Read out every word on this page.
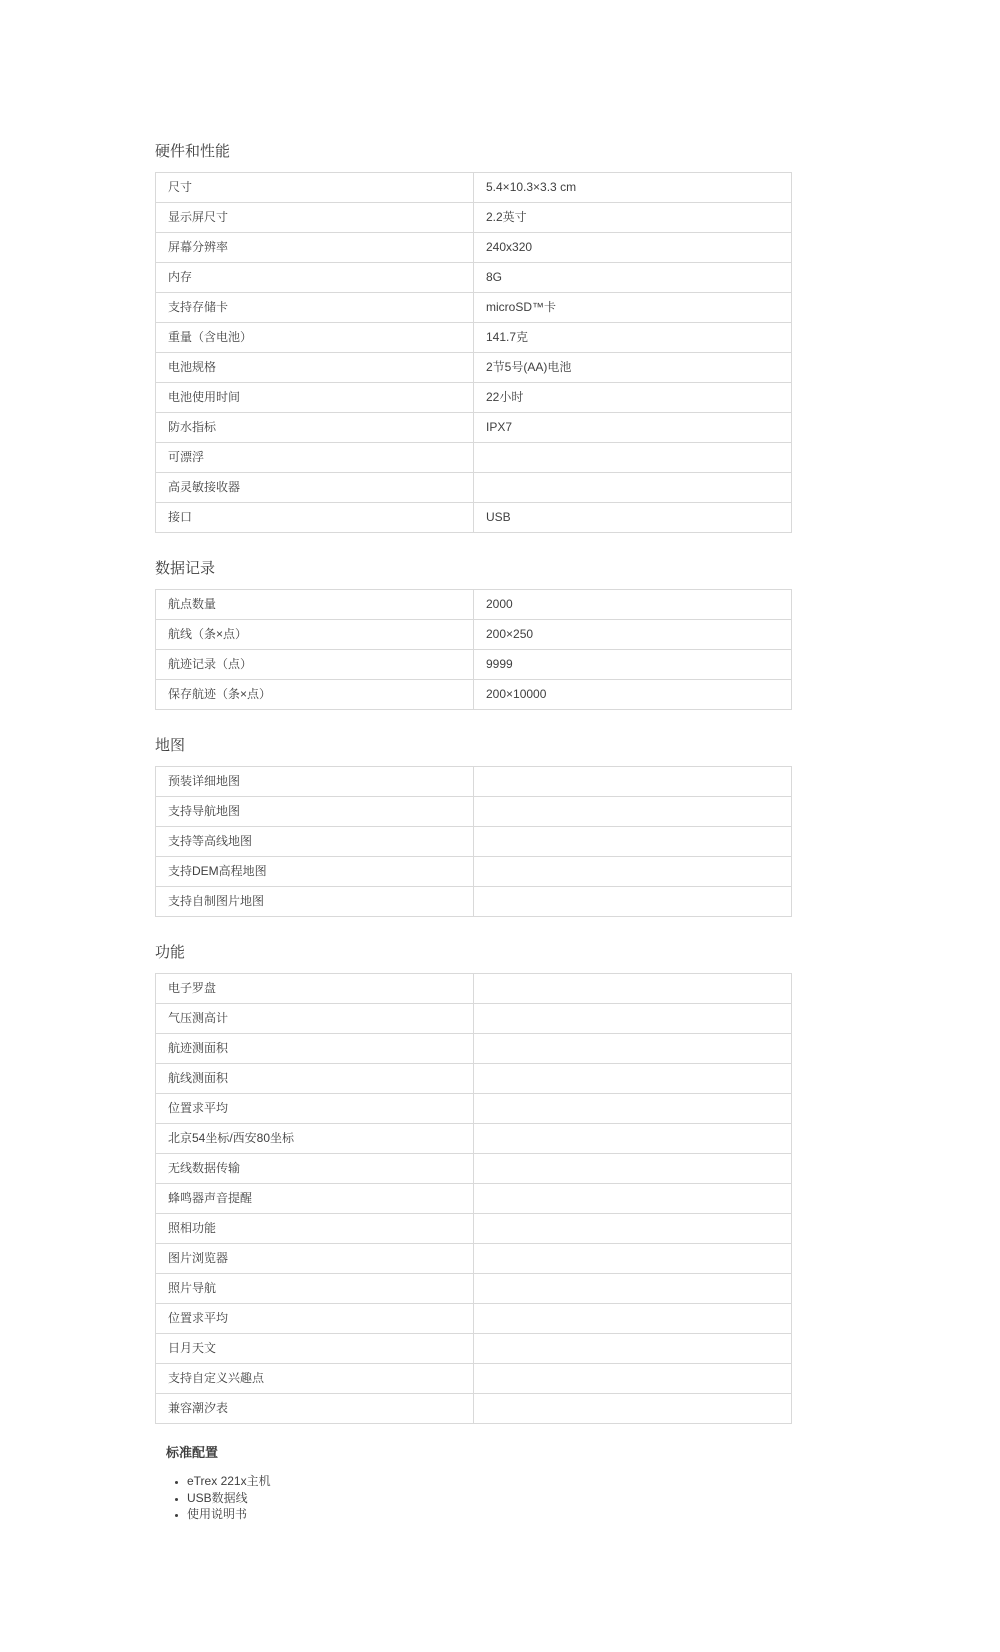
硬件和性能
尺寸	5.4×10.3×3.3 cm
显示屏尺寸	2.2英寸
屏幕分辨率	240x320
内存	8G
支持存储卡	microSD™卡
重量（含电池）	141.7克
电池规格	2节5号(AA)电池
电池使用时间	22小时
防水指标	IPX7
可漂浮	
高灵敏接收器	
接口	USB
数据记录
航点数量	2000
航线（条×点）	200×250
航迹记录（点）	9999
保存航迹（条×点）	200×10000
地图
预装详细地图	
支持导航地图	
支持等高线地图	
支持DEM高程地图	
支持自制图片地图	
功能
电子罗盘	
气压测高计	
航迹测面积	
航线测面积	
位置求平均	
北京54坐标/西安80坐标	
无线数据传输	
蜂鸣器声音提醒	
照相功能	
图片浏览器	
照片导航	
位置求平均	
日月天文	
支持自定义兴趣点	
兼容潮汐表	
标准配置
• eTrex 221x主机
• USB数据线
• 使用说明书
